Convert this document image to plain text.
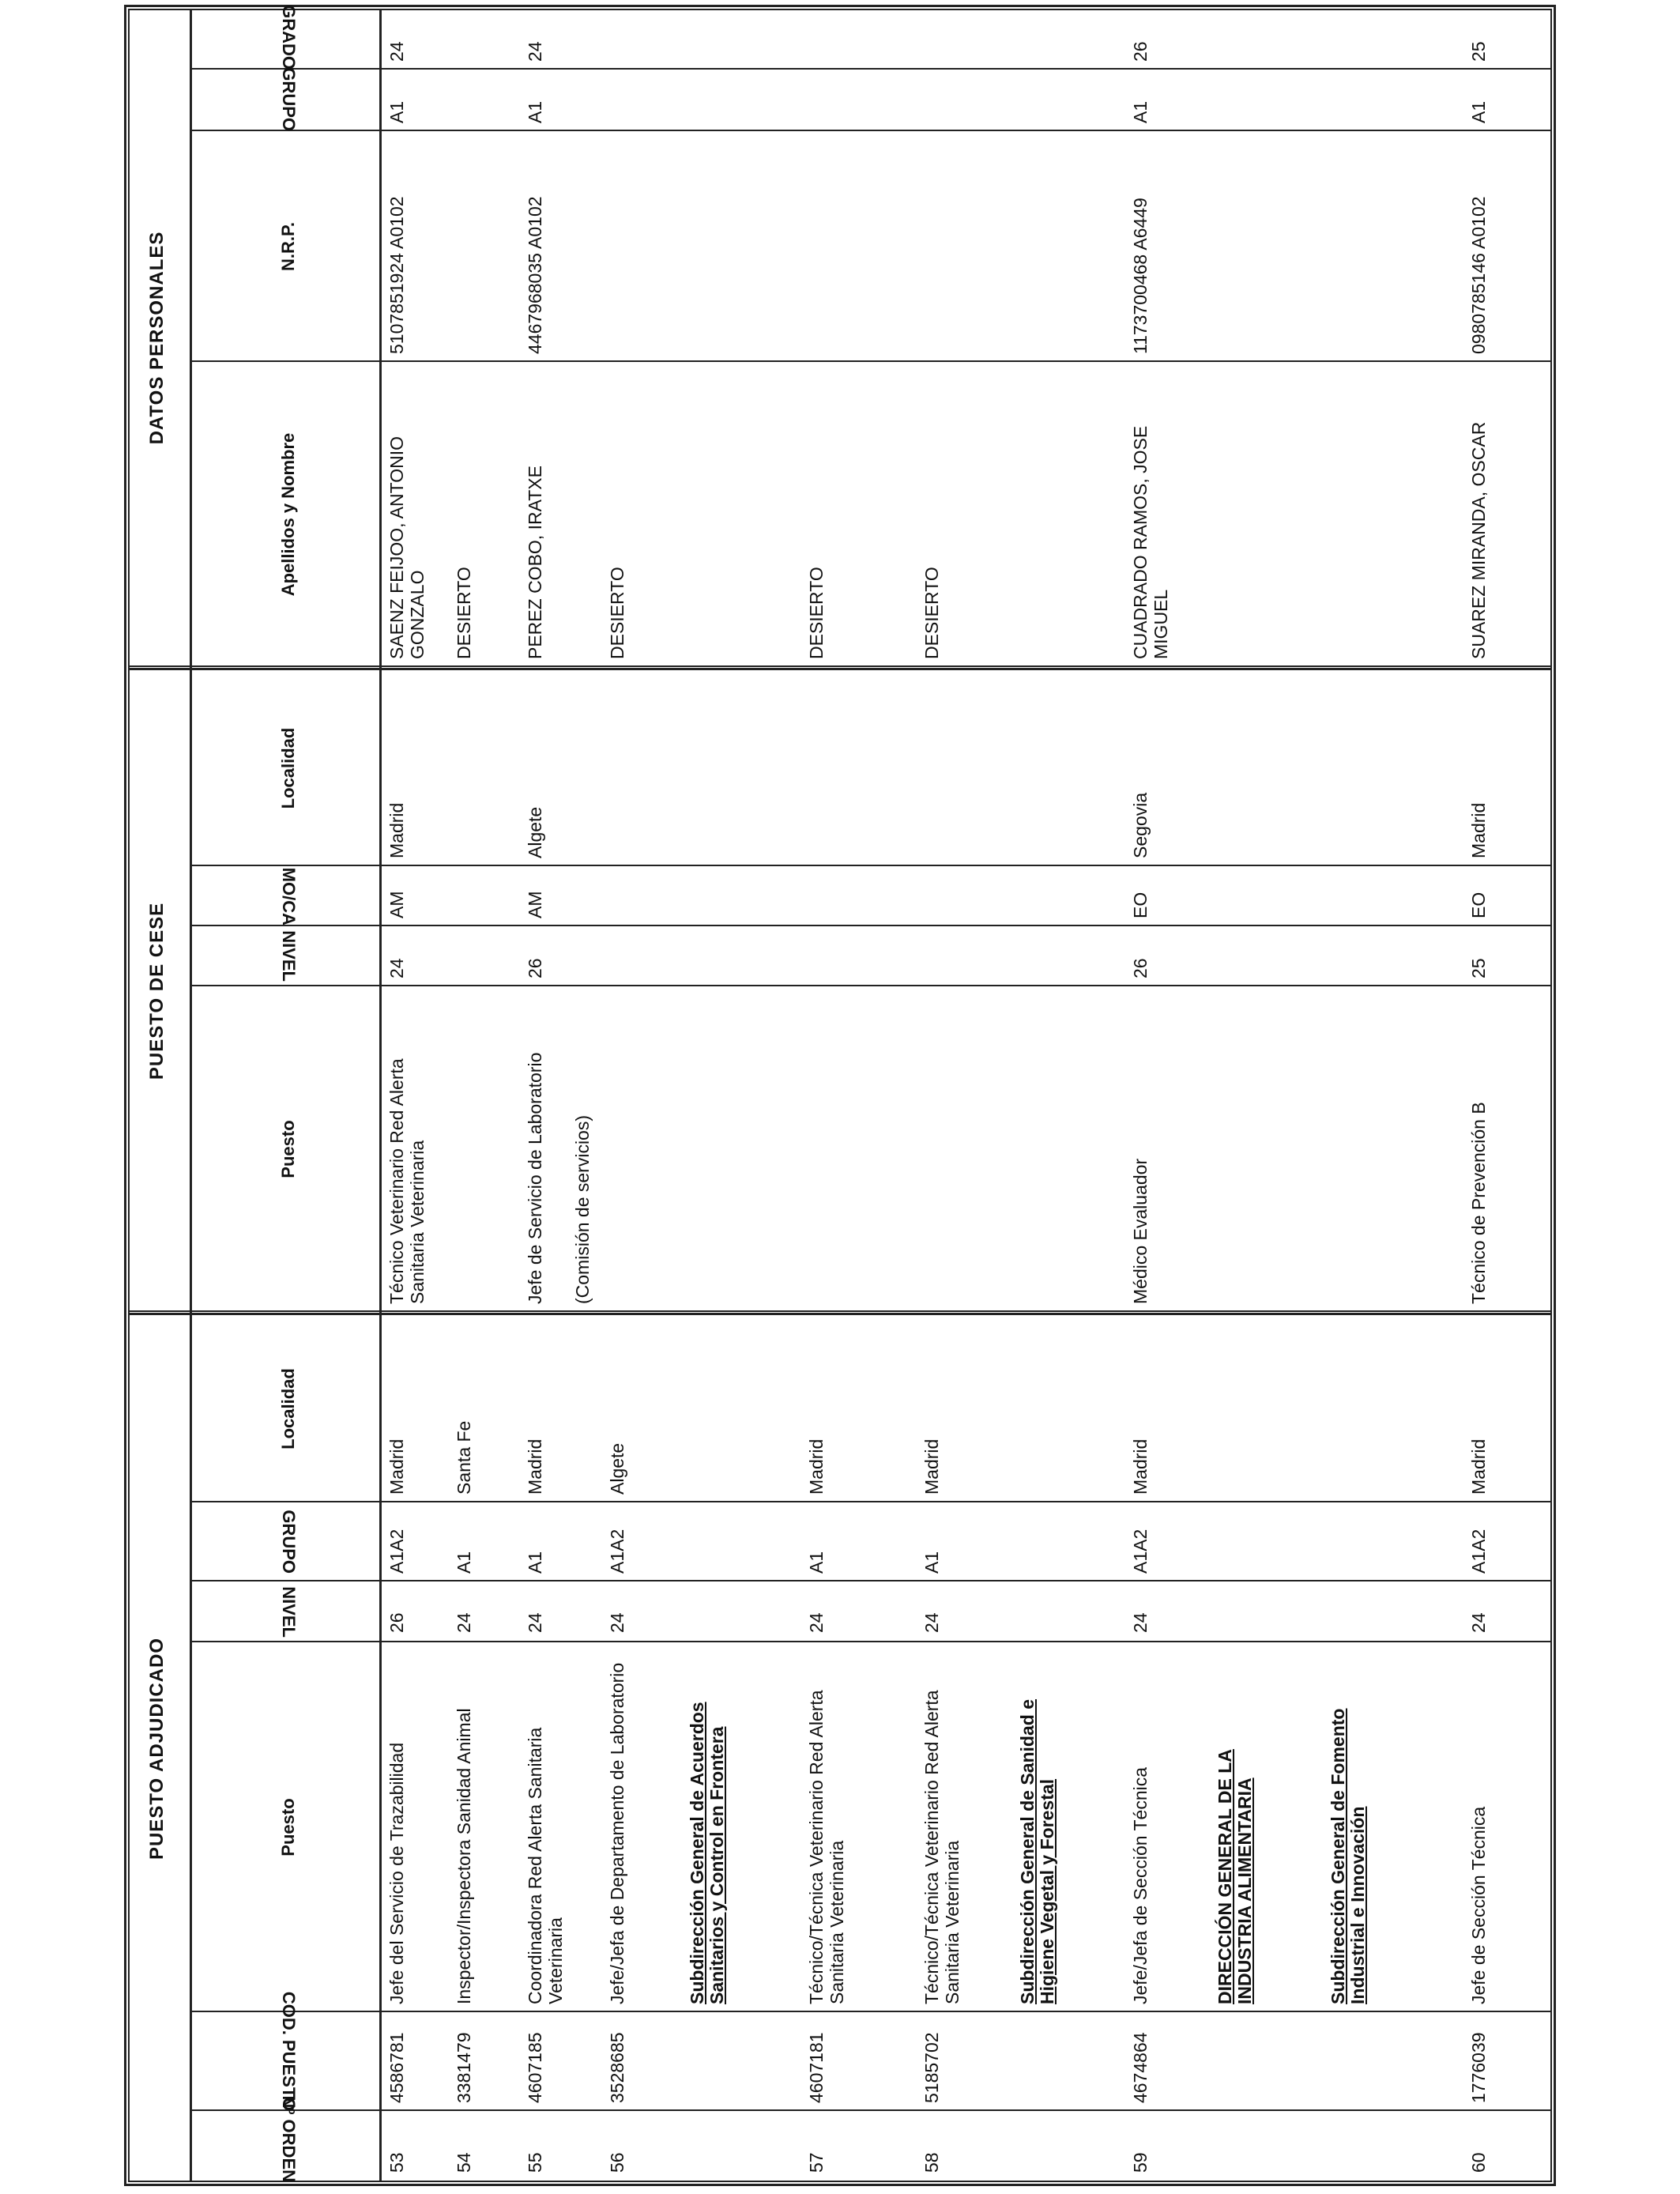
PUESTO ADJUDICADO
PUESTO DE CESE
DATOS PERSONALES
Nº ORDEN
COD. PUESTO
Puesto
NIVEL
GRUPO
Localidad
Puesto
NIVEL
MO/CA
Localidad
Apellidos y Nombre
N.R.P.
GRUPO
GRADO
53
4586781
Jefe del Servicio de Trazabilidad
26
A1A2
Madrid
Técnico Veterinario Red Alerta Sanitaria Veterinaria
24
AM
Madrid
SAENZ FEIJOO, ANTONIO GONZALO
5107851924 A0102
A1
24
54
3381479
Inspector/Inspectora Sanidad Animal
24
A1
Santa Fe
DESIERTO
55
4607185
Coordinadora Red Alerta Sanitaria Veterinaria
24
A1
Madrid
Jefe de Servicio de Laboratorio
26
AM
Algete
PEREZ COBO, IRATXE
4467968035 A0102
A1
24
(Comisión de servicios)
56
3528685
Jefe/Jefa de Departamento de Laboratorio
24
A1A2
Algete
DESIERTO
Subdirección General de Acuerdos Sanitarios y Control en Frontera
57
4607181
Técnico/Técnica Veterinario Red Alerta Sanitaria Veterinaria
24
A1
Madrid
DESIERTO
58
5185702
Técnico/Técnica Veterinario Red Alerta Sanitaria Veterinaria
24
A1
Madrid
DESIERTO
Subdirección General de Sanidad e Higiene Vegetal y Forestal
59
4674864
Jefe/Jefa de Sección Técnica
24
A1A2
Madrid
Médico Evaluador
26
EO
Segovia
CUADRADO RAMOS, JOSE MIGUEL
1173700468 A6449
A1
26
DIRECCIÓN GENERAL DE LA INDUSTRIA ALIMENTARIA	Subdirección General de Fomento Industrial e Innovación
60
1776039
Jefe de Sección Técnica
24
A1A2
Madrid
Técnico de Prevención B
25
EO
Madrid
SUAREZ MIRANDA, OSCAR
0980785146 A0102
A1
25
